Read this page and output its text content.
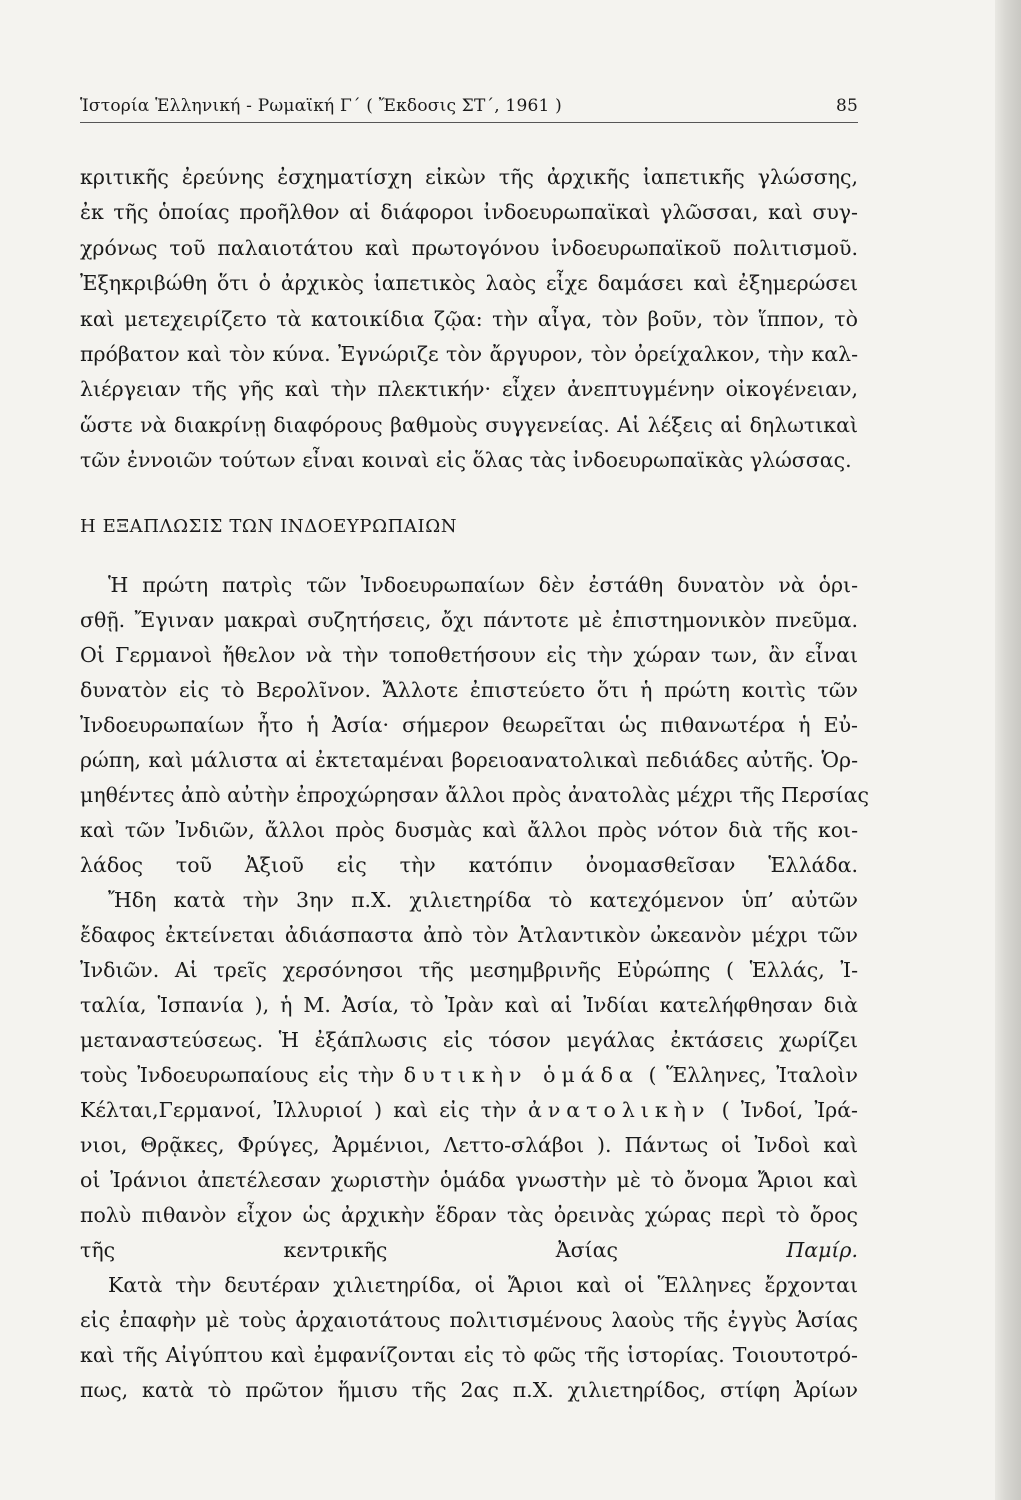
Ἱστορία Ἑλληνική - Ρωμαϊκή Γ΄ ( Ἔκδοσις ΣΤ΄, 1961 )	85
κριτικῆς ἐρεύνης ἐσχηματίσχη εἰκὼν τῆς ἀρχικῆς ἰαπετικῆς γλώσσης,
ἐκ τῆς ὁποίας προῆλθον αἱ διάφοροι ἰνδοευρωπαϊκαὶ γλῶσσαι, καὶ συγ-
χρόνως τοῦ παλαιοτάτου καὶ πρωτογόνου ἰνδοευρωπαϊκοῦ πολιτισμοῦ.
Ἐξηκριβώθη ὅτι ὁ ἀρχικὸς ἰαπετικὸς λαὸς εἶχε δαμάσει καὶ ἐξημερώσει
καὶ μετεχειρίζετο τὰ κατοικίδια ζῷα: τὴν αἶγα, τὸν βοῦν, τὸν ἵππον, τὸ
πρόβατον καὶ τὸν κύνα. Ἐγνώριζε τὸν ἄργυρον, τὸν ὀρείχαλκον, τὴν καλ-
λιέργειαν τῆς γῆς καὶ τὴν πλεκτικήν· εἶχεν ἀνεπτυγμένην οἰκογένειαν,
ὥστε νὰ διακρίνῃ διαφόρους βαθμοὺς συγγενείας. Αἱ λέξεις αἱ δηλωτικαὶ
τῶν ἐννοιῶν τούτων εἶναι κοιναὶ εἰς ὅλας τὰς ἰνδοευρωπαϊκὰς γλώσσας.
Η ΕΞΑΠΛΩΣΙΣ ΤΩΝ ΙΝΔΟΕΥΡΩΠΑΙΩΝ
Ἡ πρώτη πατρὶς τῶν Ἰνδοευρωπαίων δὲν ἐστάθη δυνατὸν νὰ ὁρι-
σθῇ. Ἔγιναν μακραὶ συζητήσεις, ὄχι πάντοτε μὲ ἐπιστημονικὸν πνεῦμα.
Οἱ Γερμανοὶ ἤθελον νὰ τὴν τοποθετήσουν εἰς τὴν χώραν των, ἂν εἶναι
δυνατὸν εἰς τὸ Βερολῖνον. Ἄλλοτε ἐπιστεύετο ὅτι ἡ πρώτη κοιτὶς τῶν
Ἰνδοευρωπαίων ἦτο ἡ Ἀσία· σήμερον θεωρεῖται ὡς πιθανωτέρα ἡ Εὐ-
ρώπη, καὶ μάλιστα αἱ ἐκτεταμέναι βορειοανατολικαὶ πεδιάδες αὐτῆς. Ὁρ-
μηθέντες ἀπὸ αὐτὴν ἐπροχώρησαν ἄλλοι πρὸς ἀνατολὰς μέχρι τῆς Περσίας
καὶ τῶν Ἰνδιῶν, ἄλλοι πρὸς δυσμὰς καὶ ἄλλοι πρὸς νότον διὰ τῆς κοι-
λάδος τοῦ Ἀξιοῦ εἰς τὴν κατόπιν ὀνομασθεῖσαν Ἑλλάδα.
Ἤδη κατὰ τὴν 3ην π.Χ. χιλιετηρίδα τὸ κατεχόμενον ὑπ’ αὐτῶν
ἔδαφος ἐκτείνεται ἀδιάσπαστα ἀπὸ τὸν Ἀτλαντικὸν ὠκεανὸν μέχρι τῶν
Ἰνδιῶν. Αἱ τρεῖς χερσόνησοι τῆς μεσημβρινῆς Εὐρώπης ( Ἑλλάς, Ἰ-
ταλία, Ἱσπανία ), ἡ Μ. Ἀσία, τὸ Ἰρὰν καὶ αἱ Ἰνδίαι κατελήφθησαν διὰ
μεταναστεύσεως. Ἡ ἐξάπλωσις εἰς τόσον μεγάλας ἐκτάσεις χωρίζει
τοὺς Ἰνδοευρωπαίους εἰς τὴν δυτικὴν ὁμάδα ( Ἕλληνες, Ἰταλοὶν
Κέλται,Γερμανοί, Ἰλλυριοί ) καὶ εἰς τὴν ἀνατολικὴν ( Ἰνδοί, Ἰρά-
νιοι, Θρᾷκες, Φρύγες, Ἀρμένιοι, Λεττο-σλάβοι ). Πάντως οἱ Ἰνδοὶ καὶ
οἱ Ἰράνιοι ἀπετέλεσαν χωριστὴν ὁμάδα γνωστὴν μὲ τὸ ὄνομα Ἄριοι καὶ
πολὺ πιθανὸν εἶχον ὡς ἀρχικὴν ἕδραν τὰς ὀρεινὰς χώρας περὶ τὸ ὄρος
τῆς κεντρικῆς Ἀσίας	Παμίρ.
Κατὰ τὴν δευτέραν χιλιετηρίδα, οἱ Ἄριοι καὶ οἱ Ἕλληνες ἔρχονται
εἰς ἐπαφὴν μὲ τοὺς ἀρχαιοτάτους πολιτισμένους λαοὺς τῆς ἐγγὺς Ἀσίας
καὶ τῆς Αἰγύπτου καὶ ἐμφανίζονται εἰς τὸ φῶς τῆς ἱστορίας. Τοιουτοτρό-
πως, κατὰ τὸ πρῶτον ἥμισυ τῆς 2ας π.Χ. χιλιετηρίδος, στίφη Ἀρίων
